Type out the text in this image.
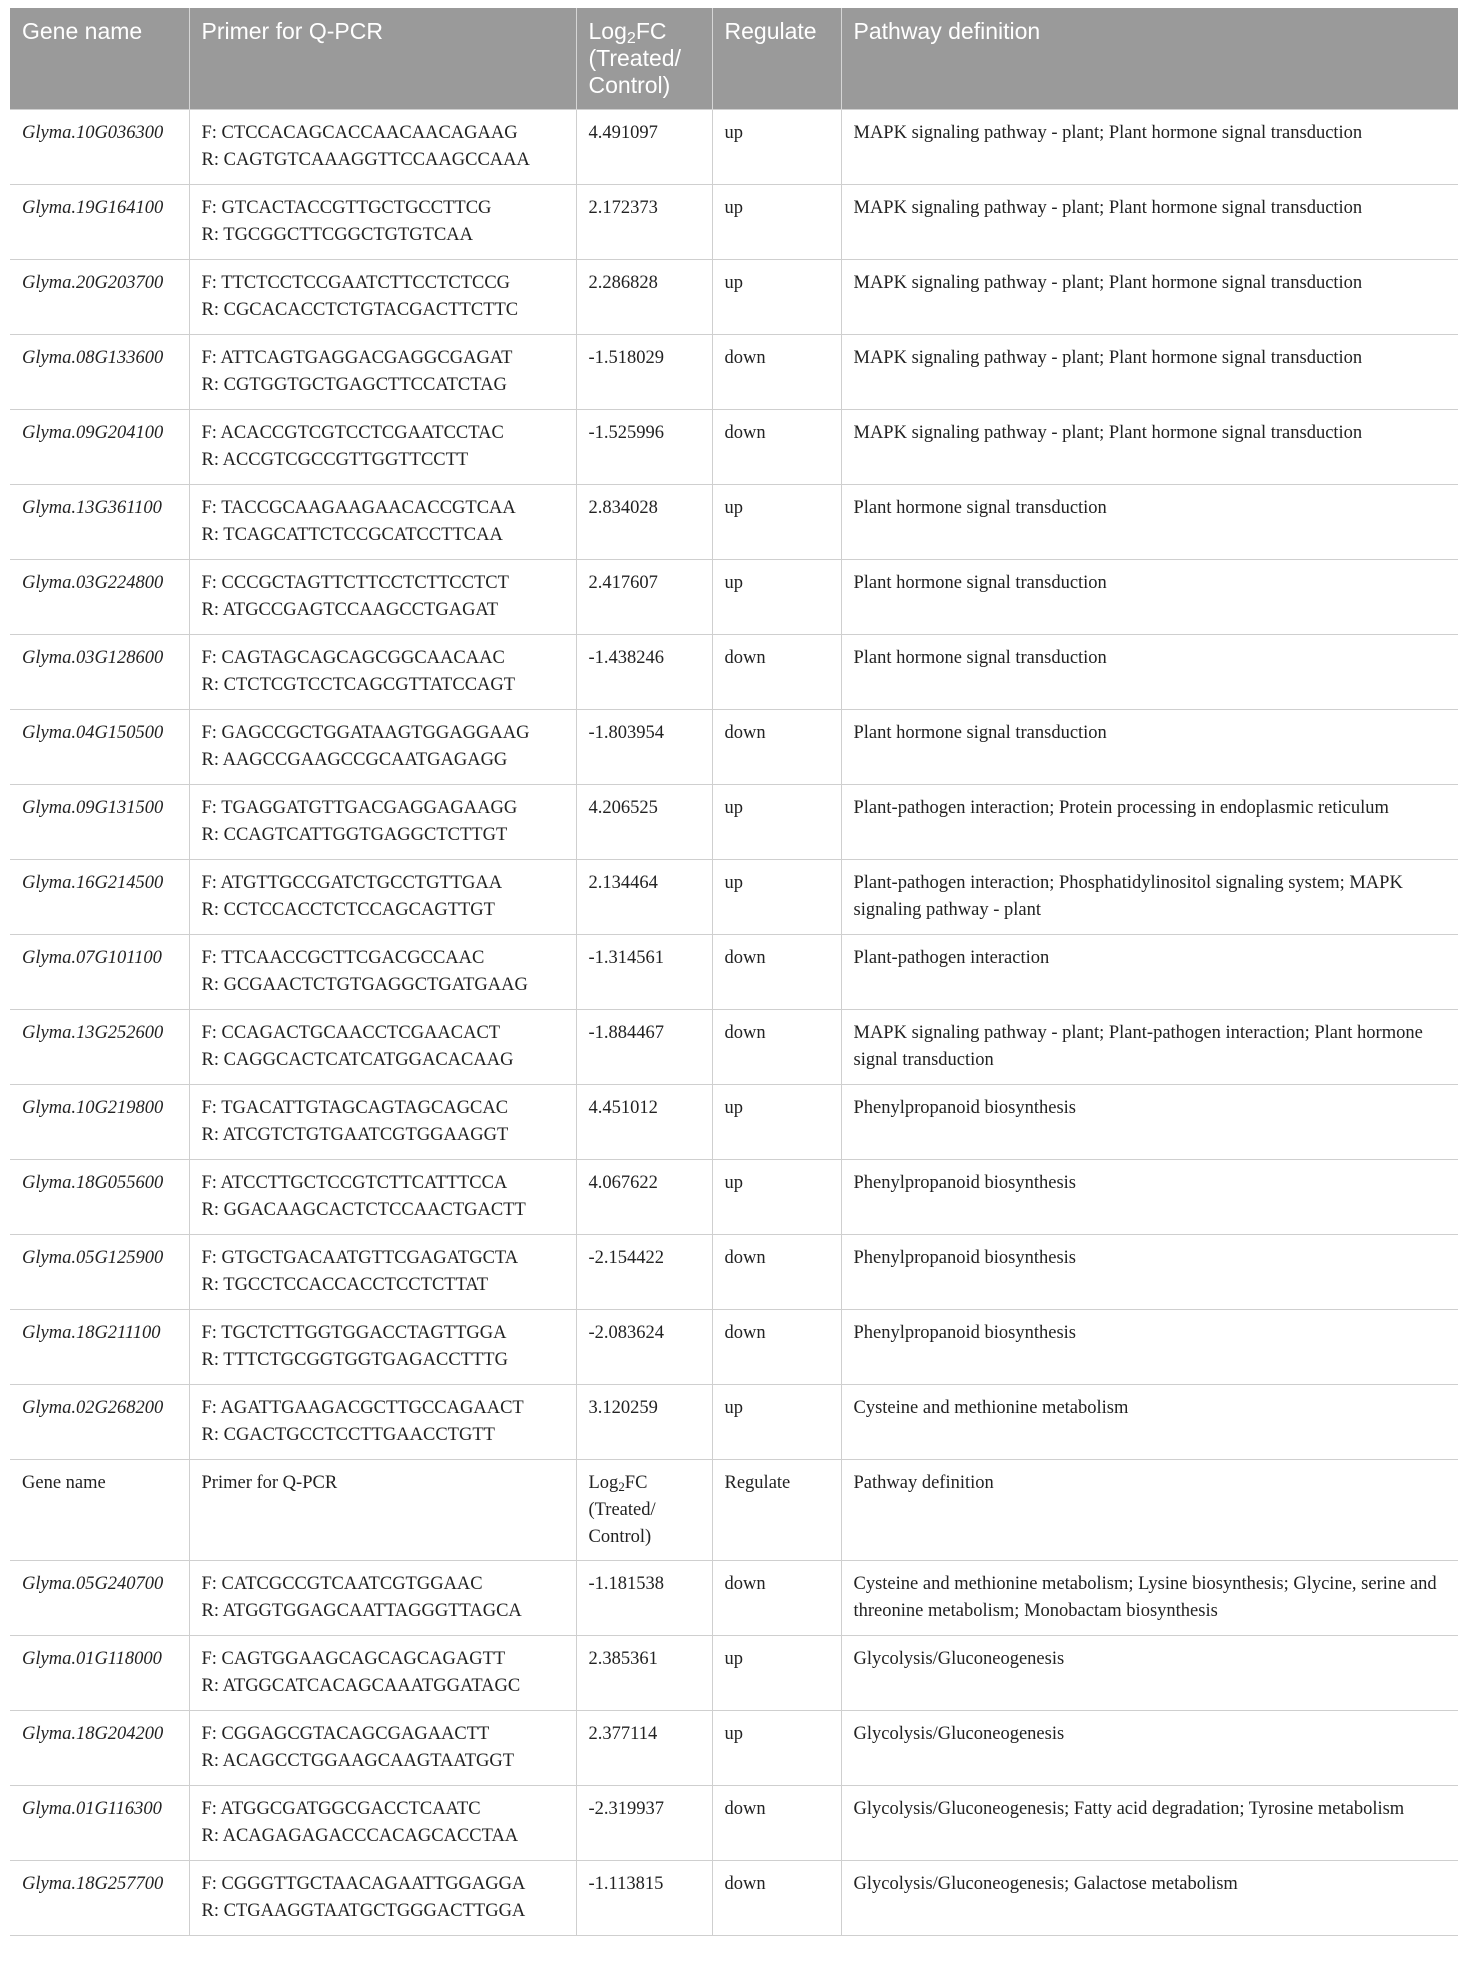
Gene name	Primer for Q-PCR	Log$_2$FC (Treated/ Control)	Regulate	Pathway definition
Glyma.10G036300	F: CTCCACAGCACCAACAACAGAAG
R: CAGTGTCAAAGGTTCCAAGCCAAA	4.491097	up	MAPK signaling pathway - plant; Plant hormone signal transduction
Glyma.19G164100	F: GTCACTACCGTTGCTGCCTTCG
R: TGCGGCTTCGGCTGTGTCAA	2.172373	up	MAPK signaling pathway - plant; Plant hormone signal transduction
Glyma.20G203700	F: TTCTCCTCCGAATCTTCCTCTCCG
R: CGCACACCTCTGTACGACTTCTTC	2.286828	up	MAPK signaling pathway - plant; Plant hormone signal transduction
Glyma.08G133600	F: ATTCAGTGAGGACGAGGCGAGAT
R: CGTGGTGCTGAGCTTCCATCTAG	-1.518029	down	MAPK signaling pathway - plant; Plant hormone signal transduction
Glyma.09G204100	F: ACACCGTCGTCCTCGAATCCTAC
R: ACCGTCGCCGTTGGTTCCTT	-1.525996	down	MAPK signaling pathway - plant; Plant hormone signal transduction
Glyma.13G361100	F: TACCGCAAGAAGAACACCGTCAA
R: TCAGCATTCTCCGCATCCTTCAA	2.834028	up	Plant hormone signal transduction
Glyma.03G224800	F: CCCGCTAGTTCTTCCTCTTCCTCT
R: ATGCCGAGTCCAAGCCTGAGAT	2.417607	up	Plant hormone signal transduction
Glyma.03G128600	F: CAGTAGCAGCAGCGGCAACAAC
R: CTCTCGTCCTCAGCGTTATCCAGT	-1.438246	down	Plant hormone signal transduction
Glyma.04G150500	F: GAGCCGCTGGATAAGTGGAGGAAG
R: AAGCCGAAGCCGCAATGAGAGG	-1.803954	down	Plant hormone signal transduction
Glyma.09G131500	F: TGAGGATGTTGACGAGGAGAAGG
R: CCAGTCATTGGTGAGGCTCTTGT	4.206525	up	Plant-pathogen interaction; Protein processing in endoplasmic reticulum
Glyma.16G214500	F: ATGTTGCCGATCTGCCTGTTGAA
R: CCTCCACCTCTCCAGCAGTTGT	2.134464	up	Plant-pathogen interaction; Phosphatidylinositol signaling system; MAPK signaling pathway - plant
Glyma.07G101100	F: TTCAACCGCTTCGACGCCAAC
R: GCGAACTCTGTGAGGCTGATGAAG	-1.314561	down	Plant-pathogen interaction
Glyma.13G252600	F: CCAGACTGCAACCTCGAACACT
R: CAGGCACTCATCATGGACACAAG	-1.884467	down	MAPK signaling pathway - plant; Plant-pathogen interaction; Plant hormone signal transduction
Glyma.10G219800	F: TGACATTGTAGCAGTAGCAGCAC
R: ATCGTCTGTGAATCGTGGAAGGT	4.451012	up	Phenylpropanoid biosynthesis
Glyma.18G055600	F: ATCCTTGCTCCGTCTTCATTTCCA
R: GGACAAGCACTCTCCAACTGACTT	4.067622	up	Phenylpropanoid biosynthesis
Glyma.05G125900	F: GTGCTGACAATGTTCGAGATGCTA
R: TGCCTCCACCACCTCCTCTTAT	-2.154422	down	Phenylpropanoid biosynthesis
Glyma.18G211100	F: TGCTCTTGGTGGACCTAGTTGGA
R: TTTCTGCGGTGGTGAGACCTTTG	-2.083624	down	Phenylpropanoid biosynthesis
Glyma.02G268200	F: AGATTGAAGACGCTTGCCAGAACT
R: CGACTGCCTCCTTGAACCTGTT	3.120259	up	Cysteine and methionine metabolism
Gene name	Primer for Q-PCR	Log$_2$FC (Treated/ Control)	Regulate	Pathway definition
Glyma.05G240700	F: CATCGCCGTCAATCGTGGAAC
R: ATGGTGGAGCAATTAGGGTTAGCA	-1.181538	down	Cysteine and methionine metabolism; Lysine biosynthesis; Glycine, serine and threonine metabolism; Monobactam biosynthesis
Glyma.01G118000	F: CAGTGGAAGCAGCAGCAGAGTT
R: ATGGCATCACAGCAAATGGATAGC	2.385361	up	Glycolysis/Gluconeogenesis
Glyma.18G204200	F: CGGAGCGTACAGCGAGAACTT
R: ACAGCCTGGAAGCAAGTAATGGT	2.377114	up	Glycolysis/Gluconeogenesis
Glyma.01G116300	F: ATGGCGATGGCGACCTCAATC
R: ACAGAGAGACCCACAGCACCTAA	-2.319937	down	Glycolysis/Gluconeogenesis; Fatty acid degradation; Tyrosine metabolism
Glyma.18G257700	F: CGGGTTGCTAACAGAATTGGAGGA
R: CTGAAGGTAATGCTGGGACTTGGA	-1.113815	down	Glycolysis/Gluconeogenesis; Galactose metabolism
